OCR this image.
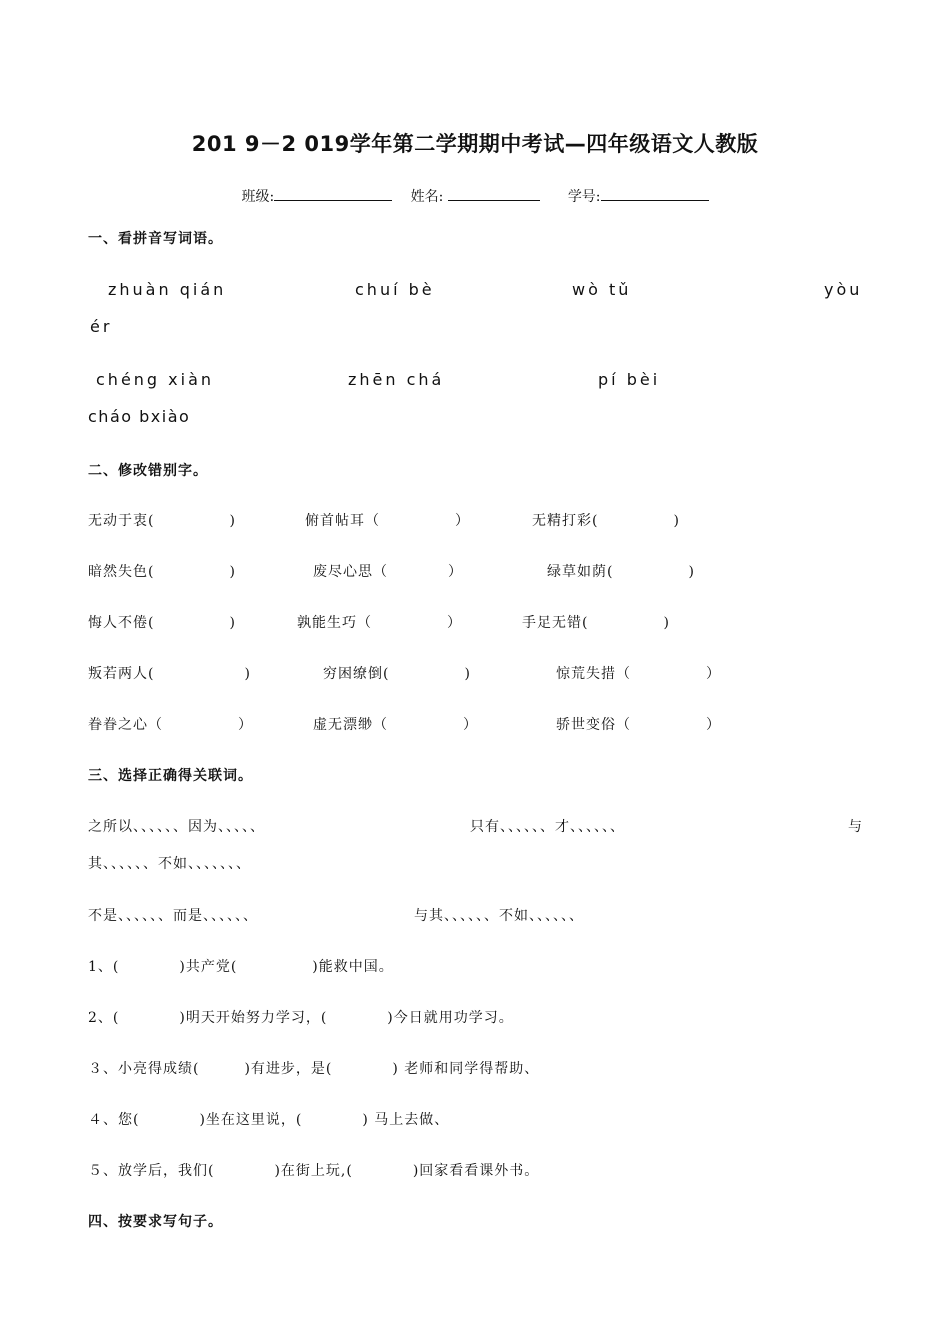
201 9－2 019学年第二学期期中考试—四年级语文人教版
班级:　	姓名: 　　	学号:
一、看拼音写词语。
zhuàn qián	chuí bè	wò tǔ	yòu
ér
chéng xiàn	zhēn chá	pí bèi
cháo bxiào
二、修改错别字。
无动于衷(　　　　　)	俯首帖耳（　　　　　）	无精打彩(　　　　　)
暗然失色(　　　　　)	废尽心思（　　　　）	绿草如荫(　　　　　)
悔人不倦(　　　　　)	孰能生巧（　　　　　）	手足无错(　　　　　)
叛若两人(　　　　　　)	穷困缭倒(　　　　　)	惊荒失措（　　　　　）
眷眷之心（　　　　　）	虚无漂缈（　　　　　）	骄世变俗（　　　　　）
三、选择正确得关联词。
之所以、、、、、、因为、、、、、	只有、、、、、、才、、、、、、	与
其、、、、、、不如、、、、、、、
不是、、、、、、而是、、、、、、	与其、、、、、、不如、、、、、、
1、(　　　　)共产党(　　　　　)能救中国。
2、(　　　　)明天开始努力学习，(　　　　)今日就用功学习。
３、小亮得成绩(　　　)有进步，是(　　　　) 老师和同学得帮助、
４、您(　　　　)坐在这里说，(　　　　) 马上去做、
５、放学后，我们(　　　　)在街上玩,(　　　　)回家看看课外书。
四、按要求写句子。
